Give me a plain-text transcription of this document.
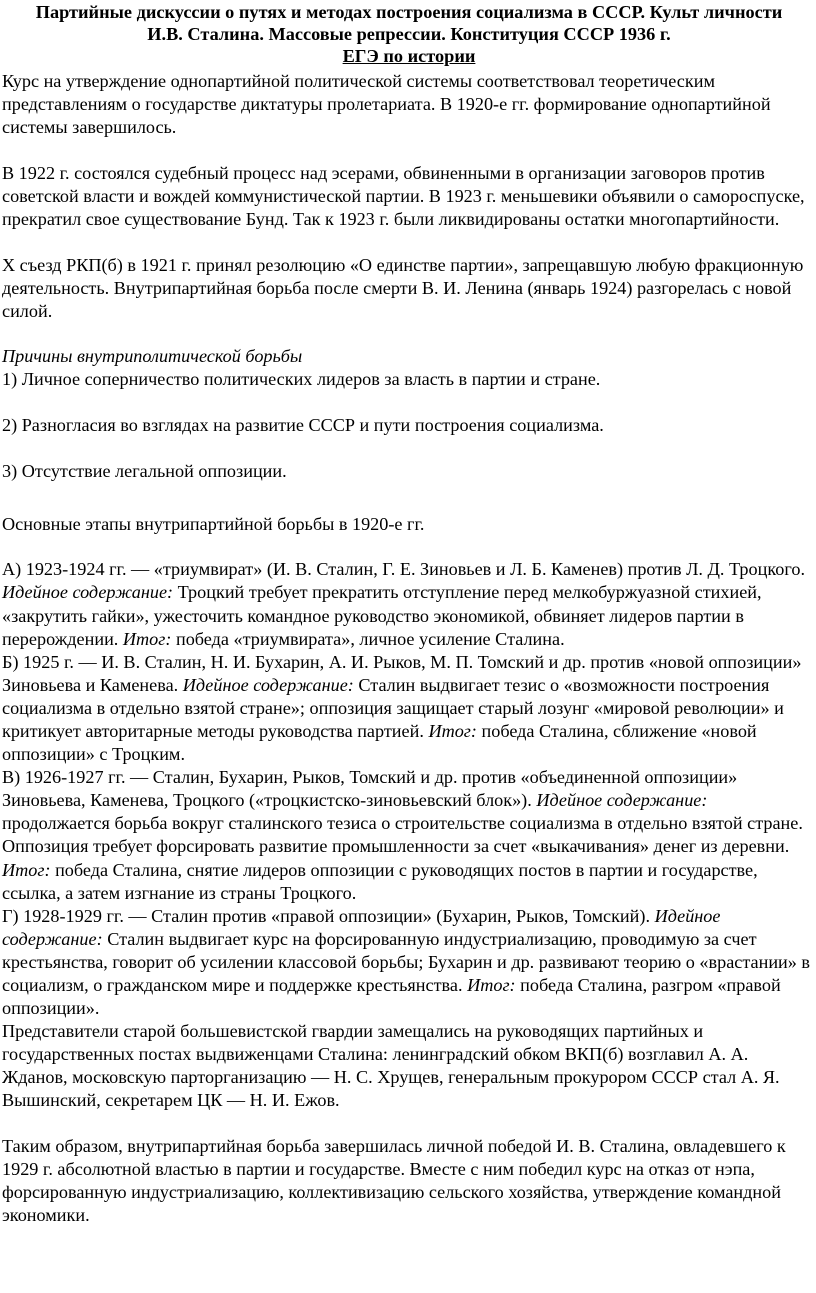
Партийные дискуссии о путях и методах построения социализма в СССР. Культ личности
И.В. Сталина. Массовые репрессии. Конституция СССР 1936 г.
ЕГЭ по истории

Курс на утверждение однопартийной политической системы соответствовал теоретическим представлениям о государстве диктатуры пролетариата. В 1920-е гг. формирование однопартийной системы завершилось.

В 1922 г. состоялся судебный процесс над эсерами, обвиненными в организации заговоров против советской власти и вождей коммунистической партии. В 1923 г. меньшевики объявили о самороспуске, прекратил свое существование Бунд. Так к 1923 г. были ликвидированы остатки многопартийности.

X съезд РКП(б) в 1921 г. принял резолюцию «О единстве партии», запрещавшую любую фракционную деятельность. Внутрипартийная борьба после смерти В. И. Ленина (январь 1924) разгорелась с новой силой.

Причины внутриполитической борьбы

1) Личное соперничество политических лидеров за власть в партии и стране.

2) Разногласия во взглядах на развитие СССР и пути построения социализма.

3) Отсутствие легальной оппозиции.

Основные этапы внутрипартийной борьбы в 1920-е гг.

А) 1923-1924 гг. — «триумвират» (И. В. Сталин, Г. Е. Зиновьев и Л. Б. Каменев) против Л. Д. Троцкого. Идейное содержание: Троцкий требует прекратить отступление перед мелкобуржуазной стихией, «закрутить гайки», ужесточить командное руководство экономикой, обвиняет лидеров партии в перерождении. Итог: победа «триумвирата», личное усиление Сталина.

Б) 1925 г. — И. В. Сталин, Н. И. Бухарин, А. И. Рыков, М. П. Томский и др. против «новой оппозиции» Зиновьева и Каменева. Идейное содержание: Сталин выдвигает тезис о «возможности построения социализма в отдельно взятой стране»; оппозиция защищает старый лозунг «мировой революции» и критикует авторитарные методы руководства партией. Итог: победа Сталина, сближение «новой оппозиции» с Троцким.

В) 1926-1927 гг. — Сталин, Бухарин, Рыков, Томский и др. против «объединенной оппозиции» Зиновьева, Каменева, Троцкого («троцкистско-зиновьевский блок»). Идейное содержание: продолжается борьба вокруг сталинского тезиса о строительстве социализма в отдельно взятой стране. Оппозиция требует форсировать развитие промышленности за счет «выкачивания» денег из деревни. Итог: победа Сталина, снятие лидеров оппозиции с руководящих постов в партии и государстве, ссылка, а затем изгнание из страны Троцкого.

Г) 1928-1929 гг. — Сталин против «правой оппозиции» (Бухарин, Рыков, Томский). Идейное содержание: Сталин выдвигает курс на форсированную индустриализацию, проводимую за счет крестьянства, говорит об усилении классовой борьбы; Бухарин и др. развивают теорию о «врастании» в социализм, о гражданском мире и поддержке крестьянства. Итог: победа Сталина, разгром «правой оппозиции».

Представители старой большевистской гвардии замещались на руководящих партийных и государственных постах выдвиженцами Сталина: ленинградский обком ВКП(б) возглавил А. А. Жданов, московскую парторганизацию — Н. С. Хрущев, генеральным прокурором СССР стал А. Я. Вышинский, секретарем ЦК — Н. И. Ежов.

Таким образом, внутрипартийная борьба завершилась личной победой И. В. Сталина, овладевшего к 1929 г. абсолютной властью в партии и государстве. Вместе с ним победил курс на отказ от нэпа, форсированную индустриализацию, коллективизацию сельского хозяйства, утверждение командной экономики.
